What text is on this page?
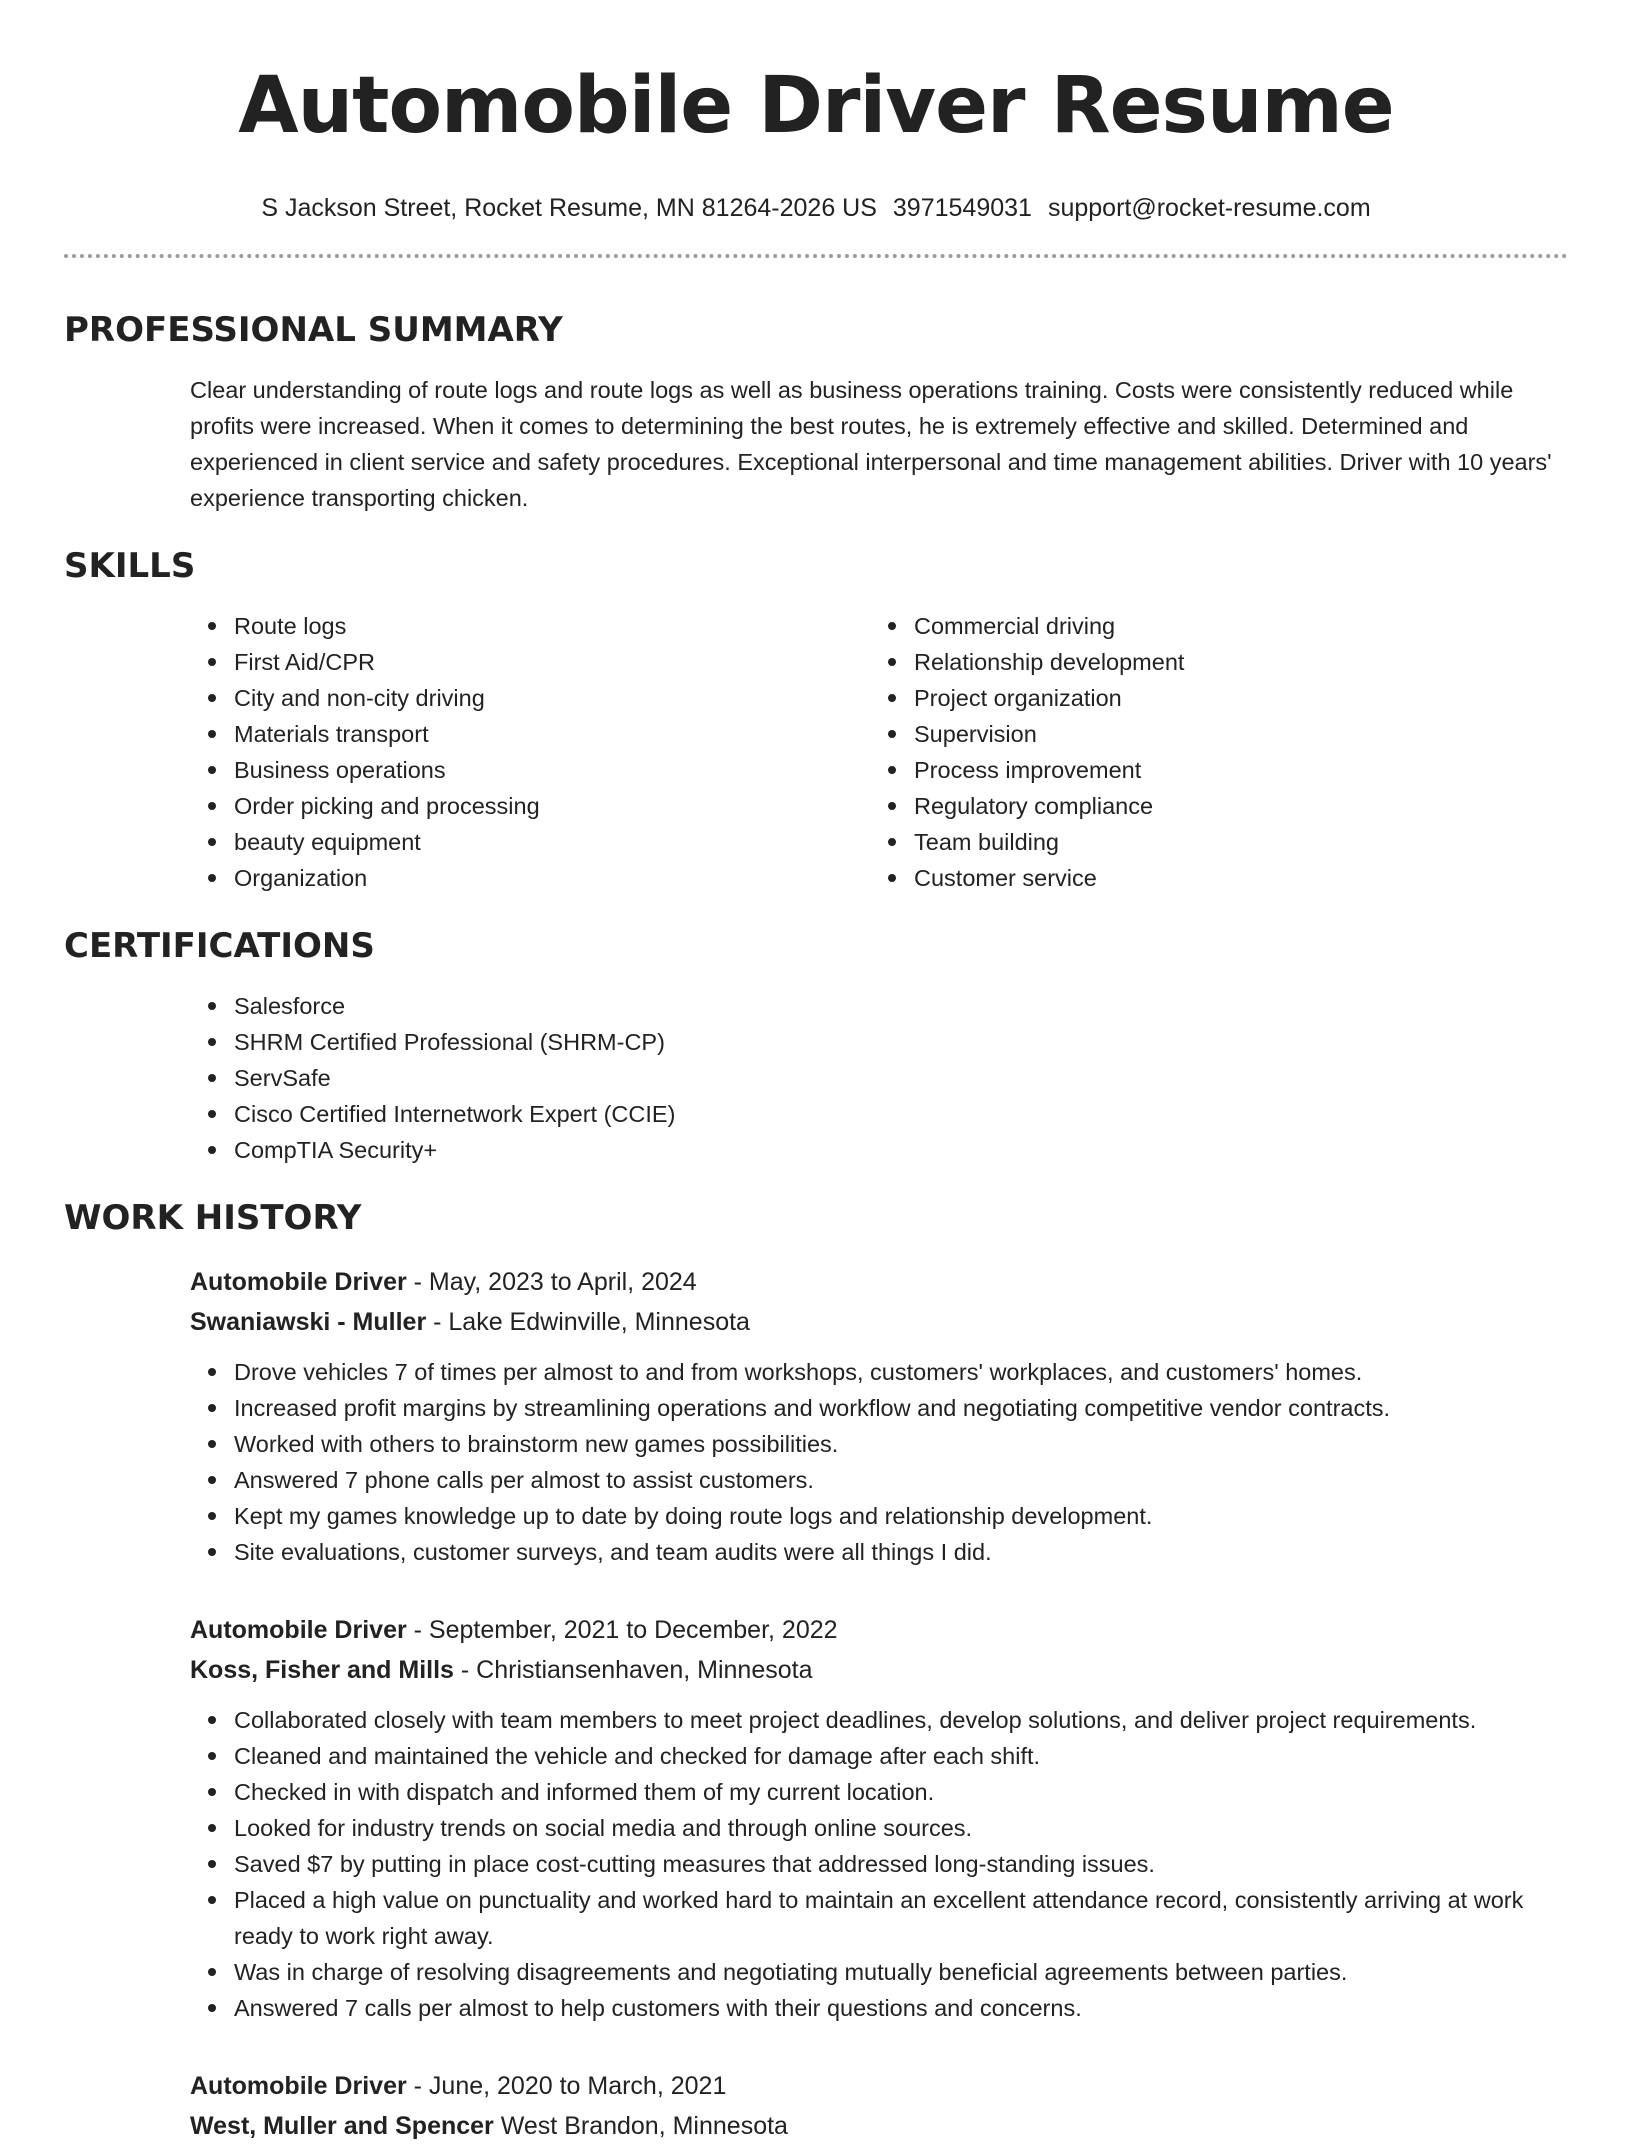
Automobile Driver Resume
S Jackson Street, Rocket Resume, MN 81264-2026 US 3971549031 support@rocket-resume.com
PROFESSIONAL SUMMARY

Clear understanding of route logs and route logs as well as business operations training. Costs were consistently reduced while profits were increased. When it comes to determining the best routes, he is extremely effective and skilled. Determined and experienced in client service and safety procedures. Exceptional interpersonal and time management abilities. Driver with 10 years' experience transporting chicken.

SKILLS
Route logs
First Aid/CPR
City and non-city driving
Materials transport
Business operations
Order picking and processing
beauty equipment
Organization
Commercial driving
Relationship development
Project organization
Supervision
Process improvement
Regulatory compliance
Team building
Customer service
CERTIFICATIONS
Salesforce
SHRM Certified Professional (SHRM-CP)
ServSafe
Cisco Certified Internetwork Expert (CCIE)
CompTIA Security+
WORK HISTORY
Automobile Driver - May, 2023 to April, 2024
Swaniawski - Muller - Lake Edwinville, Minnesota
Drove vehicles 7 of times per almost to and from workshops, customers' workplaces, and customers' homes.
Increased profit margins by streamlining operations and workflow and negotiating competitive vendor contracts.
Worked with others to brainstorm new games possibilities.
Answered 7 phone calls per almost to assist customers.
Kept my games knowledge up to date by doing route logs and relationship development.
Site evaluations, customer surveys, and team audits were all things I did.
Automobile Driver - September, 2021 to December, 2022
Koss, Fisher and Mills - Christiansenhaven, Minnesota
Collaborated closely with team members to meet project deadlines, develop solutions, and deliver project requirements.
Cleaned and maintained the vehicle and checked for damage after each shift.
Checked in with dispatch and informed them of my current location.
Looked for industry trends on social media and through online sources.
Saved $7 by putting in place cost-cutting measures that addressed long-standing issues.
Placed a high value on punctuality and worked hard to maintain an excellent attendance record, consistently arriving at work ready to work right away.
Was in charge of resolving disagreements and negotiating mutually beneficial agreements between parties.
Answered 7 calls per almost to help customers with their questions and concerns.
Automobile Driver - June, 2020 to March, 2021
West, Muller and Spencer West Brandon, Minnesota
